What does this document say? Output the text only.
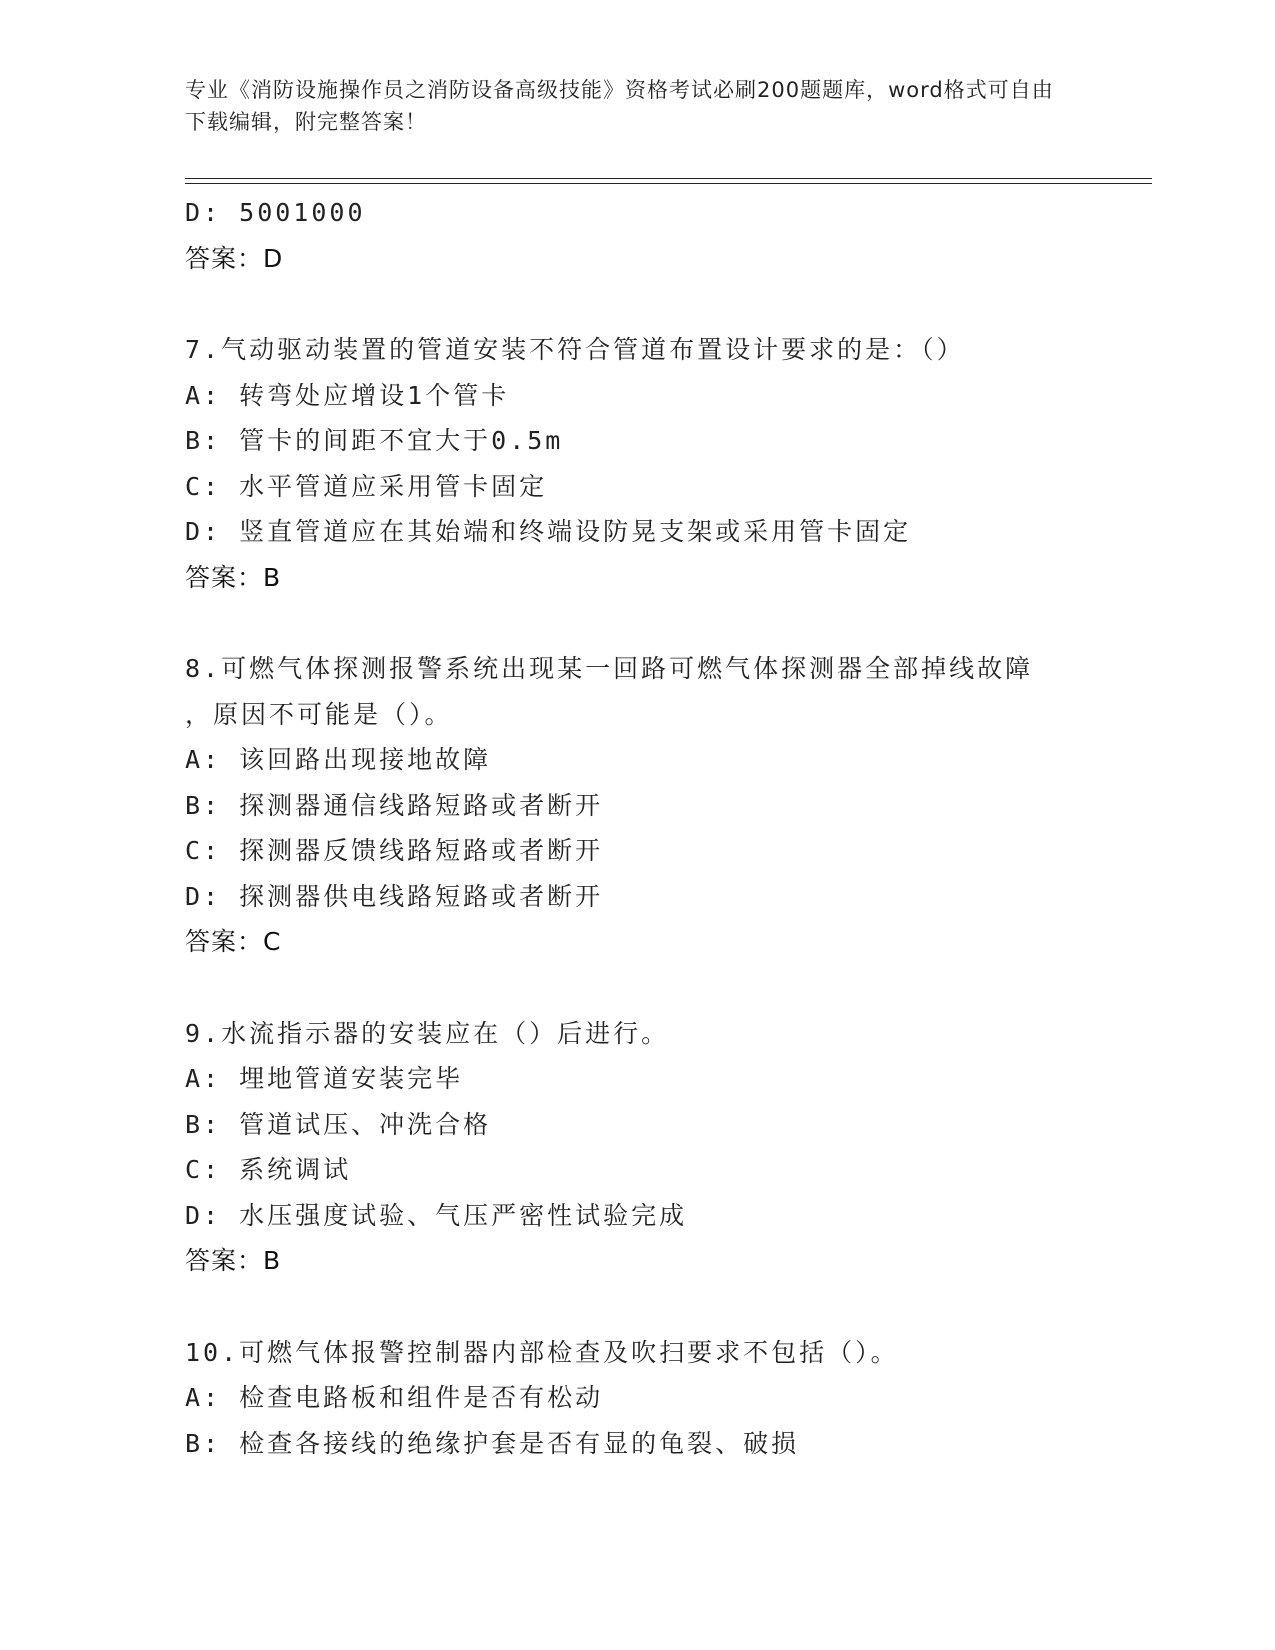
专业《消防设施操作员之消防设备高级技能》资格考试必刷200题题库，word格式可自由下载编辑，附完整答案！
D: 5001000
答案：D
7.气动驱动装置的管道安装不符合管道布置设计要求的是：（）
A: 转弯处应增设1个管卡
B: 管卡的间距不宜大于0.5m
C: 水平管道应采用管卡固定
D: 竖直管道应在其始端和终端设防晃支架或采用管卡固定
答案：B
8.可燃气体探测报警系统出现某一回路可燃气体探测器全部掉线故障
，原因不可能是（）。
A: 该回路出现接地故障
B: 探测器通信线路短路或者断开
C: 探测器反馈线路短路或者断开
D: 探测器供电线路短路或者断开
答案：C
9.水流指示器的安装应在（）后进行。
A: 埋地管道安装完毕
B: 管道试压、冲洗合格
C: 系统调试
D: 水压强度试验、气压严密性试验完成
答案：B
10.可燃气体报警控制器内部检查及吹扫要求不包括（）。
A: 检查电路板和组件是否有松动
B: 检查各接线的绝缘护套是否有显的龟裂、破损
